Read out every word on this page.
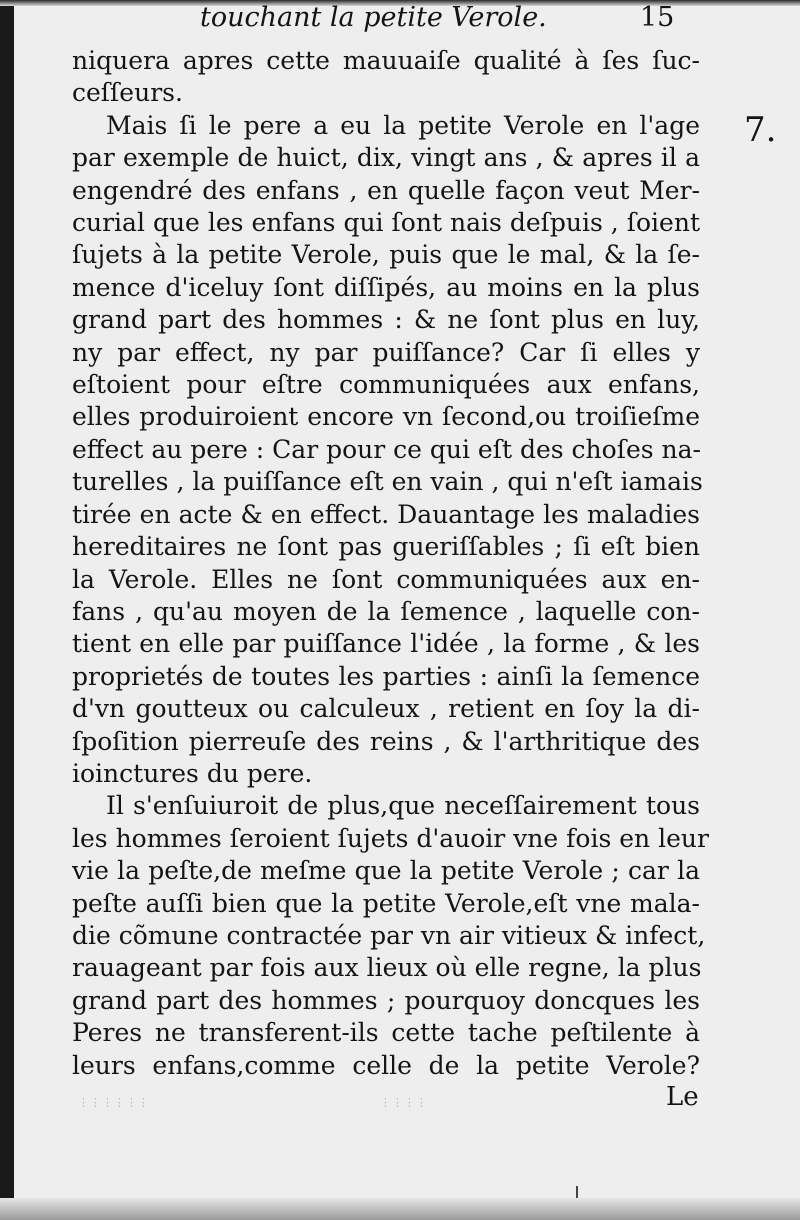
touchant la petite Verole.	15
7.
niquera apres cette mauuaiſe qualité à ſes ſuc-
ceſſeurs.
Mais ſi le pere a eu la petite Verole en l'age
par exemple de huict, dix, vingt ans , & apres il a
engendré des enfans , en quelle façon veut Mer-
curial que les enfans qui ſont nais deſpuis , ſoient
ſujets à la petite Verole, puis que le mal, & la ſe-
mence d'iceluy ſont diſſipés, au moins en la plus
grand part des hommes : & ne ſont plus en luy,
ny par effect, ny par puiſſance? Car ſi elles y
eſtoient pour eſtre communiquées aux enfans,
elles produiroient encore vn ſecond,ou troiſieſme
effect au pere : Car pour ce qui eſt des choſes na-
turelles , la puiſſance eſt en vain , qui n'eſt iamais
tirée en acte & en effect. Dauantage les maladies
hereditaires ne ſont pas gueriſſables ; ſi eſt bien
la Verole. Elles ne ſont communiquées aux en-
fans , qu'au moyen de la ſemence , laquelle con-
tient en elle par puiſſance l'idée , la forme , & les
proprietés de toutes les parties : ainſi la ſemence
d'vn goutteux ou calculeux , retient en ſoy la di-
ſpoſition pierreuſe des reins , & l'arthritique des
ioinctures du pere.
Il s'enſuiuroit de plus,que neceſſairement tous
les hommes ſeroient ſujets d'auoir vne fois en leur
vie la peſte,de meſme que la petite Verole ; car la
peſte auſſi bien que la petite Verole,eſt vne mala-
die cõmune contractée par vn air vitieux & infect,
rauageant par fois aux lieux où elle regne, la plus
grand part des hommes ; pourquoy doncques les
Peres ne transferent-ils cette tache peſtilente à
leurs enfans,comme celle de la petite Verole?
Le
⋮⋮⋮⋮⋮⋮	⋮⋮⋮⋮
